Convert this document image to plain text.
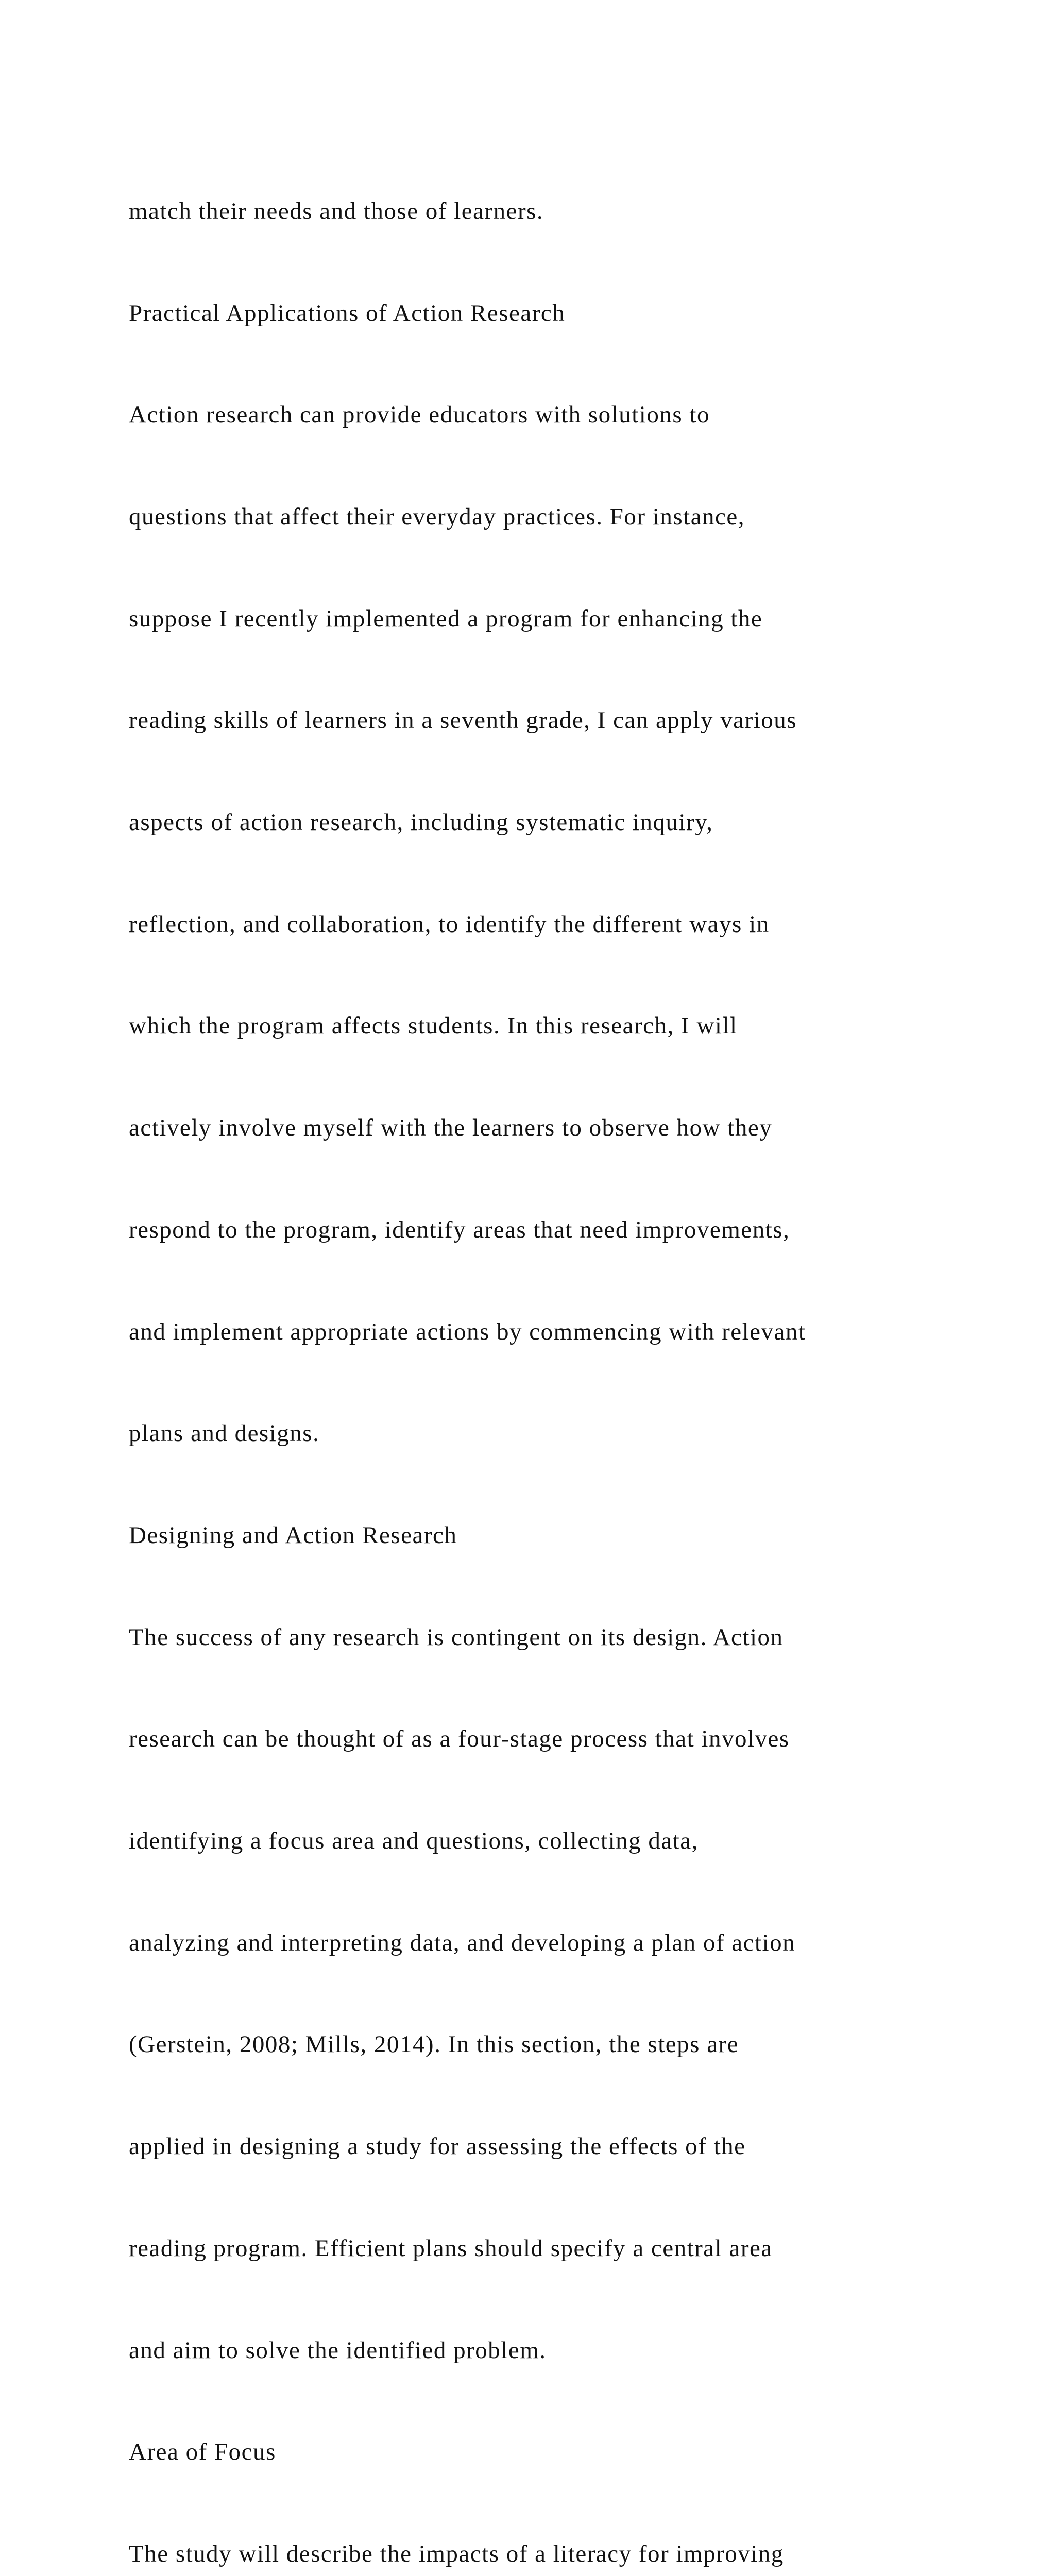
match their needs and those of learners.

Practical Applications of Action Research

Action research can provide educators with solutions to

questions that affect their everyday practices. For instance,

suppose I recently implemented a program for enhancing the

reading skills of learners in a seventh grade, I can apply various

aspects of action research, including systematic inquiry,

reflection, and collaboration, to identify the different ways in

which the program affects students. In this research, I will

actively involve myself with the learners to observe how they

respond to the program, identify areas that need improvements,

and implement appropriate actions by commencing with relevant

plans and designs.

Designing and Action Research

The success of any research is contingent on its design. Action

research can be thought of as a four-stage process that involves

identifying a focus area and questions, collecting data,

analyzing and interpreting data, and developing a plan of action

(Gerstein, 2008; Mills, 2014). In this section, the steps are

applied in designing a study for assessing the effects of the

reading program. Efficient plans should specify a central area

and aim to solve the identified problem.

Area of Focus

The study will describe the impacts of a literacy for improving
